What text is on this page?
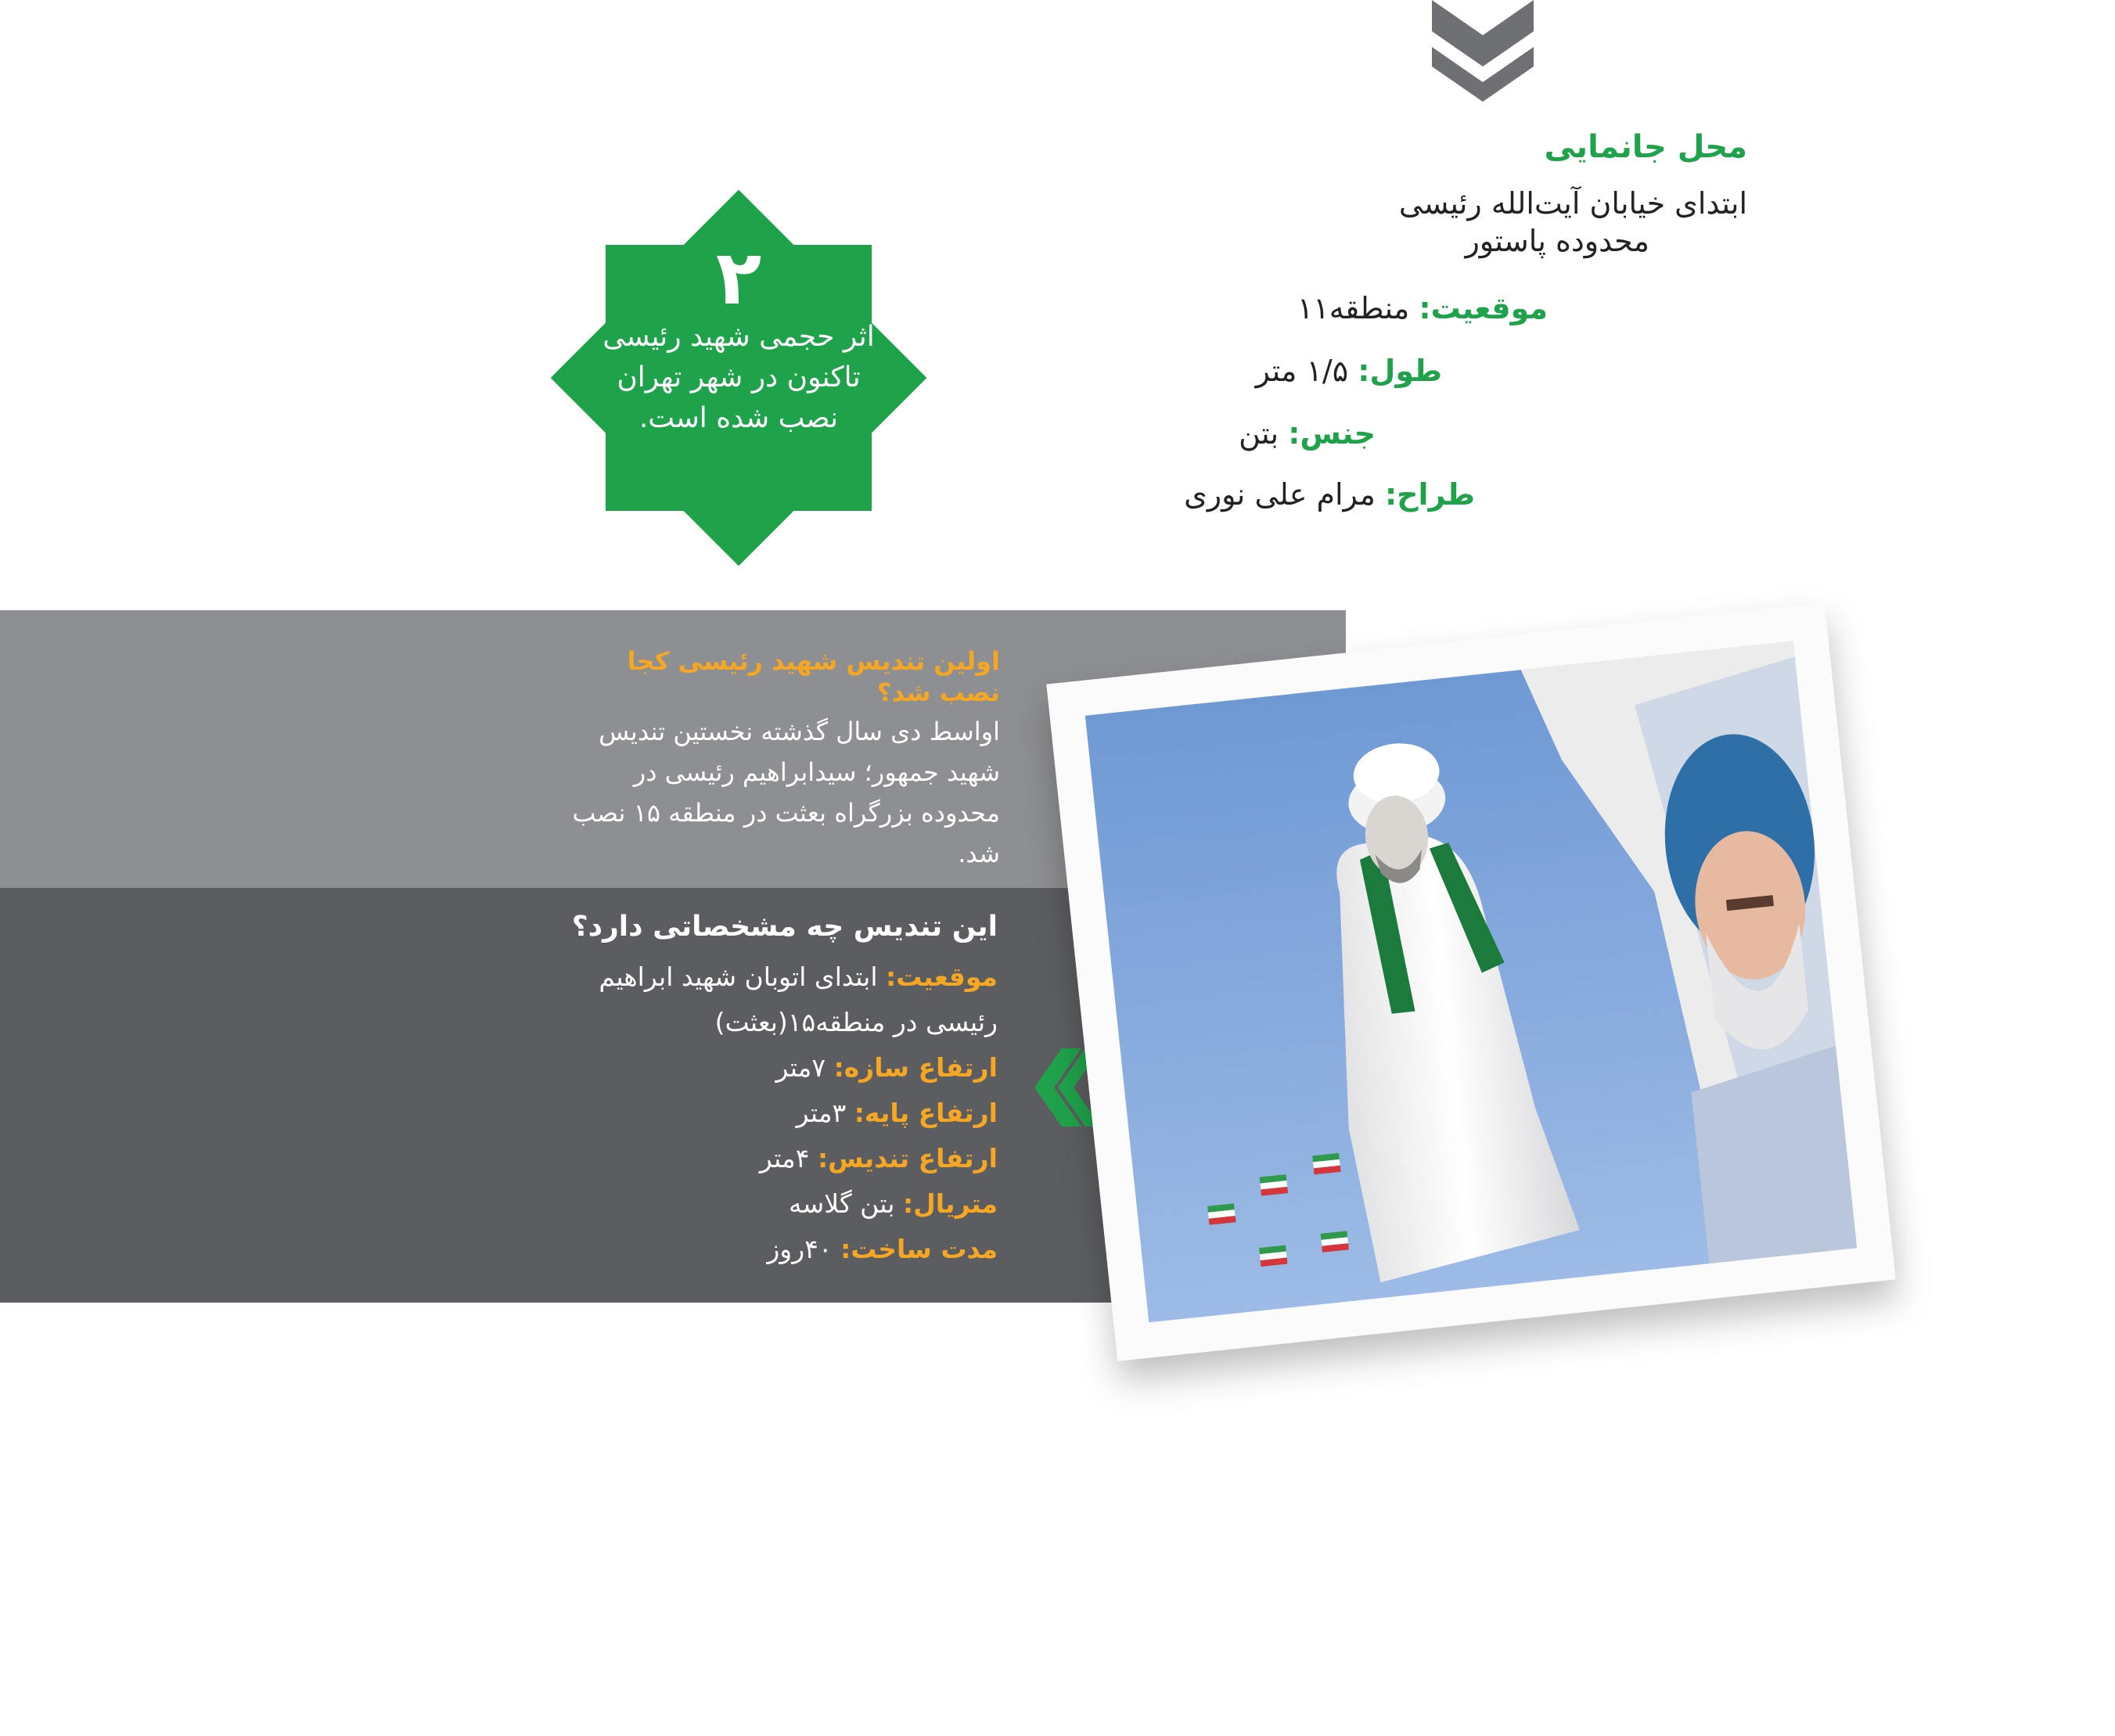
محل جانمایی

ابتدای خیابان آیت‌الله رئیسی

محدوده پاستور

موقعیت: منطقه۱۱
طول: ۱/۵ متر
جنس: بتن
طراح: مرام علی نوری
۲
اثر حجمی شهید رئیسی تاکنون در شهر تهران نصب شده است.

اولین تندیس شهید رئیسی کجا نصب شد؟

اواسط دی سال گذشته نخستین تندیس شهید جمهور؛ سیدابراهیم رئیسی در محدوده بزرگراه بعثت در منطقه ۱۵ نصب شد.

این تندیس چه مشخصاتی دارد؟

موقعیت: ابتدای اتوبان شهید ابراهیم

رئیسی در منطقه۱۵(بعثت)

ارتفاع سازه: ۷متر

ارتفاع پایه: ۳متر

ارتفاع تندیس: ۴متر

متریال: بتن گلاسه

مدت ساخت: ۴۰روز
